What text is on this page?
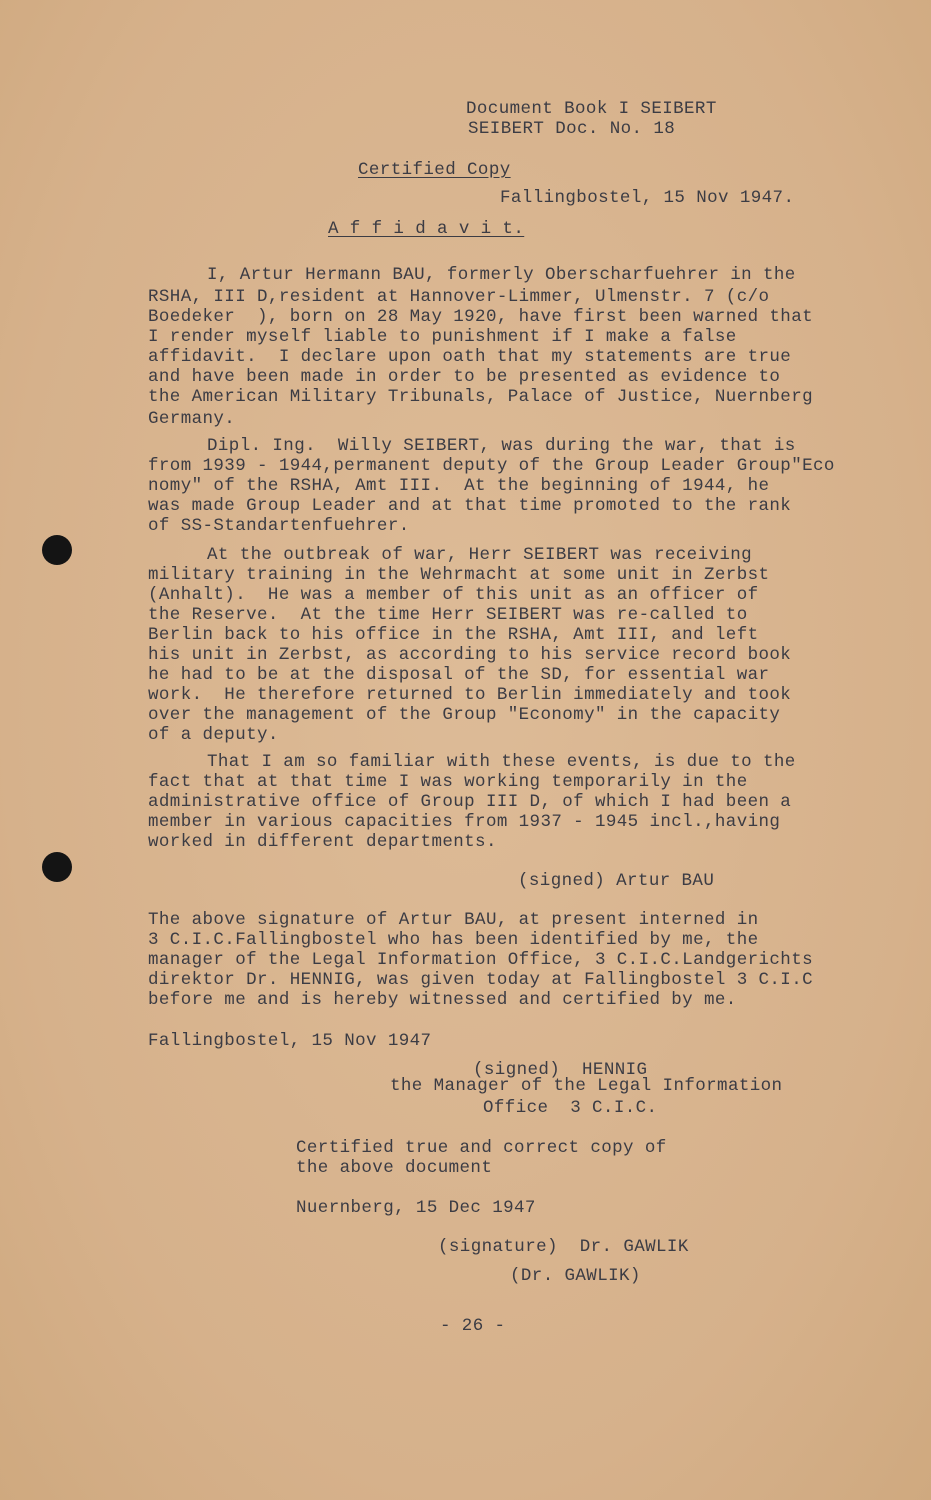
Document Book I SEIBERT
SEIBERT Doc. No. 18
Certified Copy
Fallingbostel, 15 Nov 1947.
A f f i d a v i t.
I, Artur Hermann BAU, formerly Oberscharfuehrer in the
RSHA, III D,resident at Hannover-Limmer, Ulmenstr. 7 (c/o
Boedeker  ), born on 28 May 1920, have first been warned that
I render myself liable to punishment if I make a false
affidavit.  I declare upon oath that my statements are true
and have been made in order to be presented as evidence to
the American Military Tribunals, Palace of Justice, Nuernberg
Germany.
Dipl. Ing.  Willy SEIBERT, was during the war, that is
from 1939 - 1944,permanent deputy of the Group Leader Group"Eco
nomy" of the RSHA, Amt III.  At the beginning of 1944, he
was made Group Leader and at that time promoted to the rank
of SS-Standartenfuehrer.
At the outbreak of war, Herr SEIBERT was receiving
military training in the Wehrmacht at some unit in Zerbst
(Anhalt).  He was a member of this unit as an officer of
the Reserve.  At the time Herr SEIBERT was re-called to
Berlin back to his office in the RSHA, Amt III, and left
his unit in Zerbst, as according to his service record book
he had to be at the disposal of the SD, for essential war
work.  He therefore returned to Berlin immediately and took
over the management of the Group "Economy" in the capacity
of a deputy.
That I am so familiar with these events, is due to the
fact that at that time I was working temporarily in the
administrative office of Group III D, of which I had been a
member in various capacities from 1937 - 1945 incl.,having
worked in different departments.
(signed) Artur BAU
The above signature of Artur BAU, at present interned in
3 C.I.C.Fallingbostel who has been identified by me, the
manager of the Legal Information Office, 3 C.I.C.Landgerichts
direktor Dr. HENNIG, was given today at Fallingbostel 3 C.I.C
before me and is hereby witnessed and certified by me.
Fallingbostel, 15 Nov 1947
(signed)  HENNIG
the Manager of the Legal Information
Office  3 C.I.C.
Certified true and correct copy of
the above document
Nuernberg, 15 Dec 1947
(signature)  Dr. GAWLIK
(Dr. GAWLIK)
- 26 -
